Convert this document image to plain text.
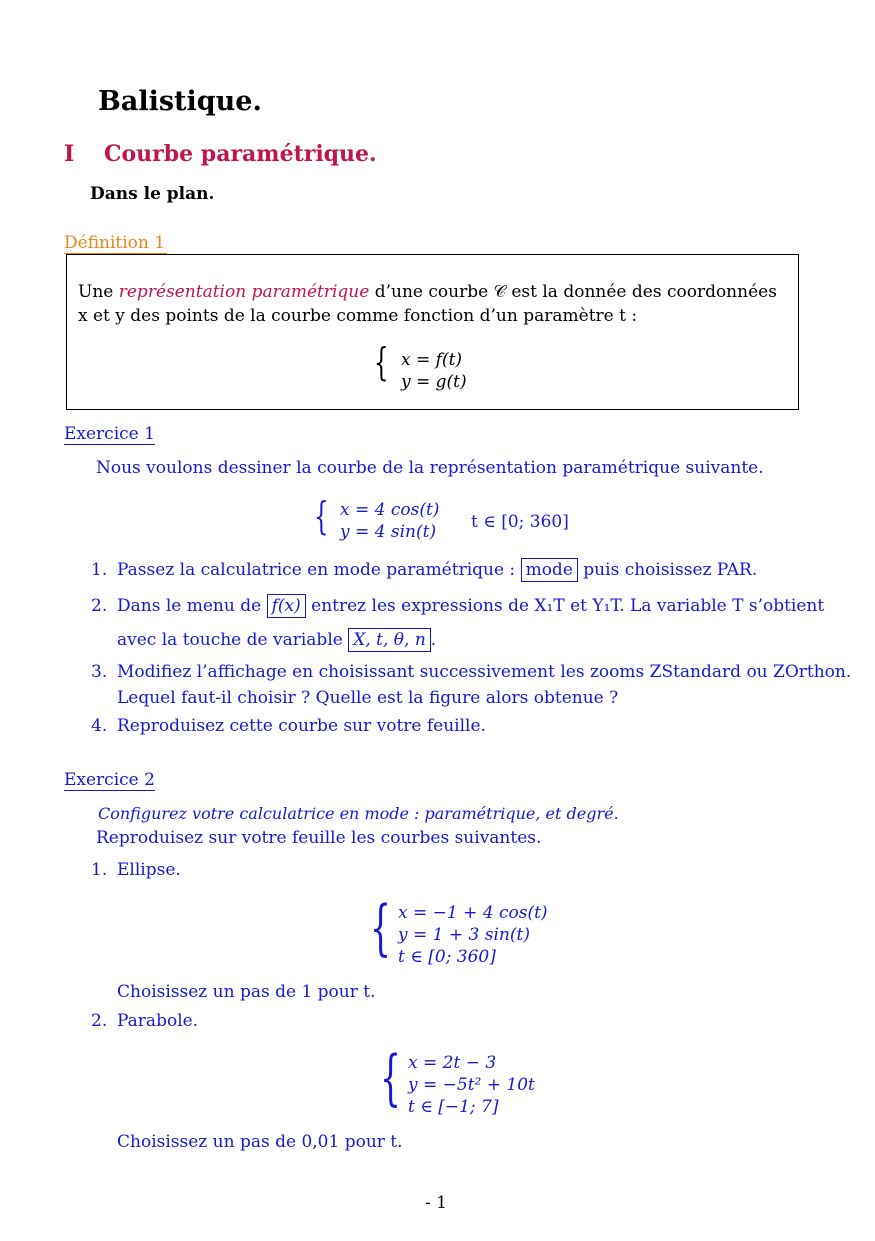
Balistique.
I Courbe paramétrique.
Dans le plan.
Définition 1
Une représentation paramétrique d’une courbe 𝒞 est la donnée des coordonnées
x et y des points de la courbe comme fonction d’un paramètre t :
{ x = f(t)
y = g(t)
Exercice 1
Nous voulons dessiner la courbe de la représentation paramétrique suivante.
{ x = 4 cos(t)
y = 4 sin(t) t ∈ [0; 360]
1. Passez la calculatrice en mode paramétrique : mode puis choisissez PAR.
2. Dans le menu de f(x) entrez les expressions de X₁T et Y₁T. La variable T s’obtient
avec la touche de variable X, t, θ, n .
3. Modifiez l’affichage en choisissant successivement les zooms ZStandard ou ZOrthon.
Lequel faut-il choisir ? Quelle est la figure alors obtenue ?
4. Reproduisez cette courbe sur votre feuille.
Exercice 2
Configurez votre calculatrice en mode : paramétrique, et degré.
Reproduisez sur votre feuille les courbes suivantes.
1. Ellipse.
{ x = −1 + 4 cos(t)
y = 1 + 3 sin(t)
t ∈ [0; 360]
Choisissez un pas de 1 pour t.
2. Parabole.
{ x = 2t − 3
y = −5t² + 10t
t ∈ [−1; 7]
Choisissez un pas de 0,01 pour t.
- 1
